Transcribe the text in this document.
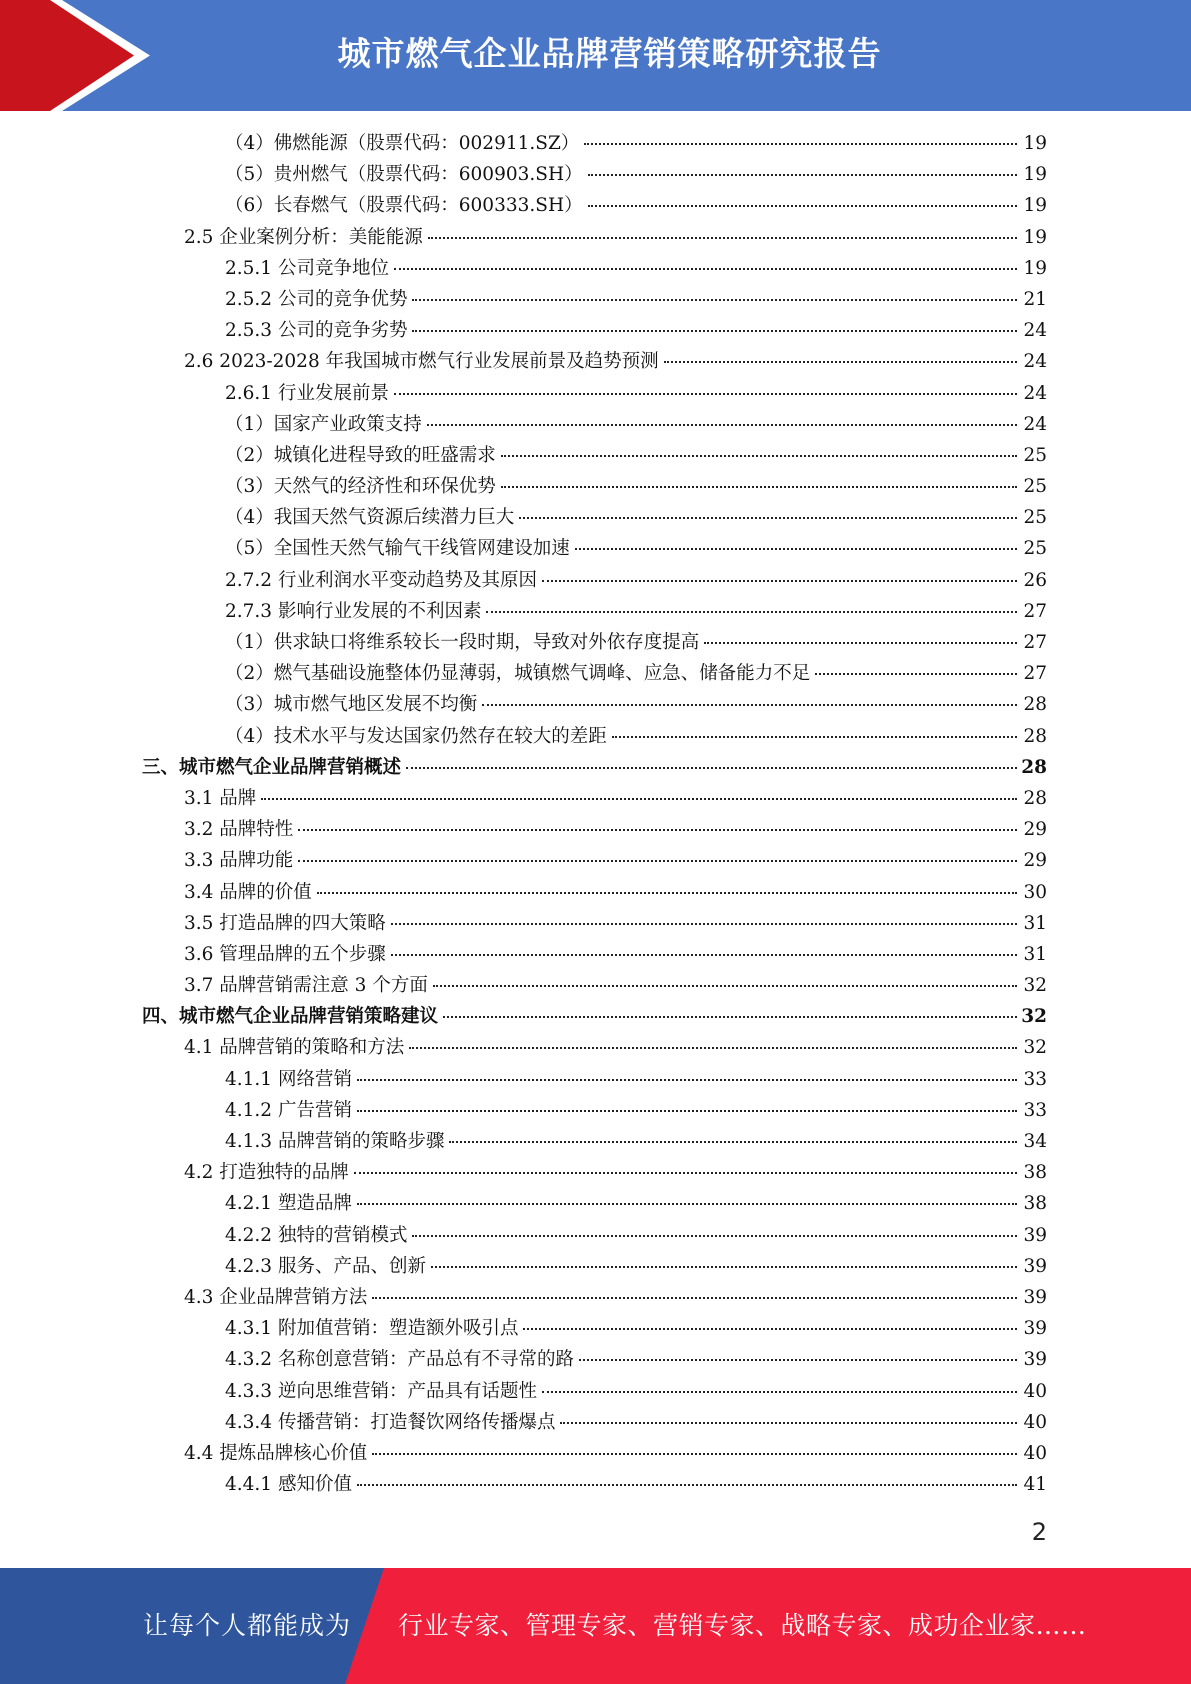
城市燃气企业品牌营销策略研究报告
（4）佛燃能源（股票代码：002911.SZ）	19
（5）贵州燃气（股票代码：600903.SH）	19
（6）长春燃气（股票代码：600333.SH）	19
2.5 企业案例分析：美能能源	19
2.5.1 公司竞争地位	19
2.5.2 公司的竞争优势	21
2.5.3 公司的竞争劣势	24
2.6 2023-2028 年我国城市燃气行业发展前景及趋势预测	24
2.6.1 行业发展前景	24
（1）国家产业政策支持	24
（2）城镇化进程导致的旺盛需求	25
（3）天然气的经济性和环保优势	25
（4）我国天然气资源后续潜力巨大	25
（5）全国性天然气输气干线管网建设加速	25
2.7.2 行业利润水平变动趋势及其原因	26
2.7.3 影响行业发展的不利因素	27
（1）供求缺口将维系较长一段时期，导致对外依存度提高	27
（2）燃气基础设施整体仍显薄弱，城镇燃气调峰、应急、储备能力不足	27
（3）城市燃气地区发展不均衡	28
（4）技术水平与发达国家仍然存在较大的差距	28
三、城市燃气企业品牌营销概述	28
3.1 品牌	28
3.2 品牌特性	29
3.3 品牌功能	29
3.4 品牌的价值	30
3.5 打造品牌的四大策略	31
3.6 管理品牌的五个步骤	31
3.7 品牌营销需注意 3 个方面	32
四、城市燃气企业品牌营销策略建议	32
4.1 品牌营销的策略和方法	32
4.1.1 网络营销	33
4.1.2 广告营销	33
4.1.3 品牌营销的策略步骤	34
4.2 打造独特的品牌	38
4.2.1 塑造品牌	38
4.2.2 独特的营销模式	39
4.2.3 服务、产品、创新	39
4.3 企业品牌营销方法	39
4.3.1 附加值营销：塑造额外吸引点	39
4.3.2 名称创意营销：产品总有不寻常的路	39
4.3.3 逆向思维营销：产品具有话题性	40
4.3.4 传播营销：打造餐饮网络传播爆点	40
4.4 提炼品牌核心价值	40
4.4.1 感知价值	41
2
让每个人都能成为 行业专家、管理专家、营销专家、战略专家、成功企业家……
